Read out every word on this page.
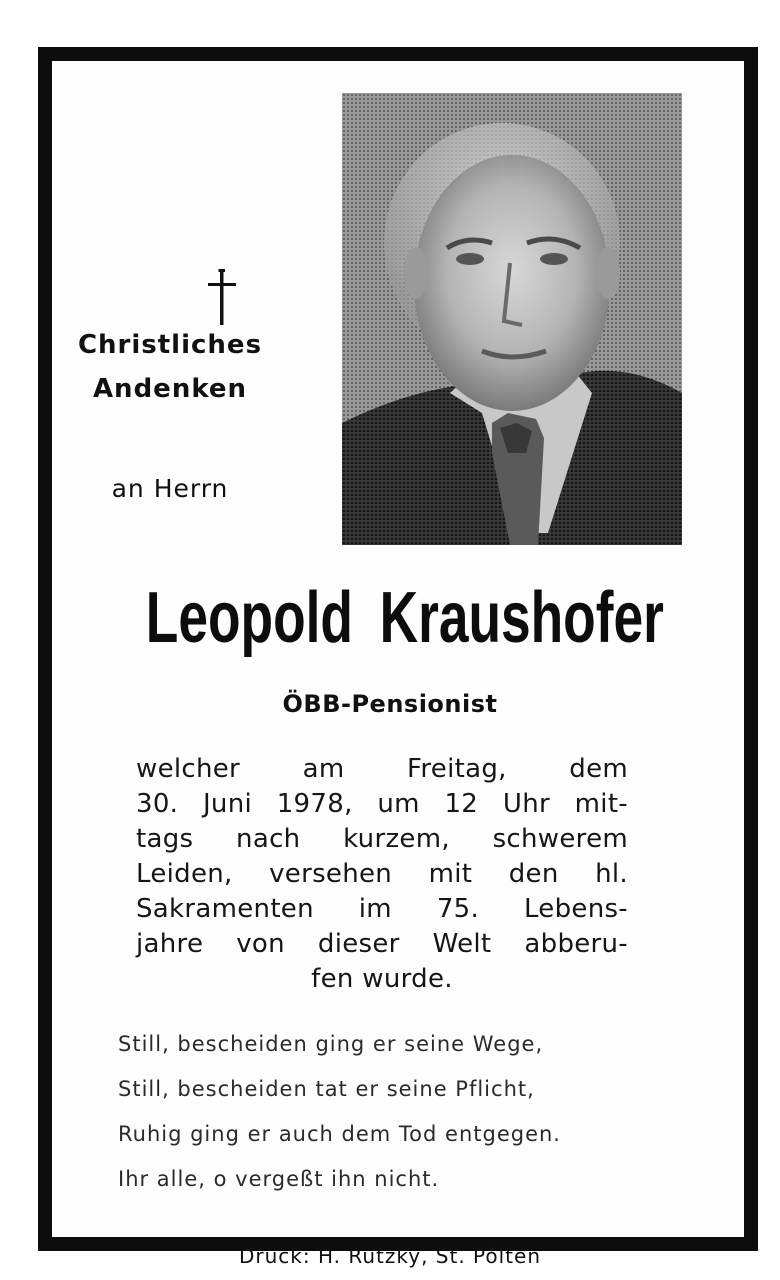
Christliches
Andenken
an Herrn
Leopold Kraushofer
ÖBB-Pensionist
welcher am Freitag, dem
30. Juni 1978, um 12 Uhr mit-
tags nach kurzem, schwerem
Leiden, versehen mit den hl.
Sakramenten im 75. Lebens-
jahre von dieser Welt abberu-
fen wurde.
Still, bescheiden ging er seine Wege,
Still, bescheiden tat er seine Pflicht,
Ruhig ging er auch dem Tod entgegen.
Ihr alle, o vergeßt ihn nicht.
Druck: H. Rutzky, St. Pölten
